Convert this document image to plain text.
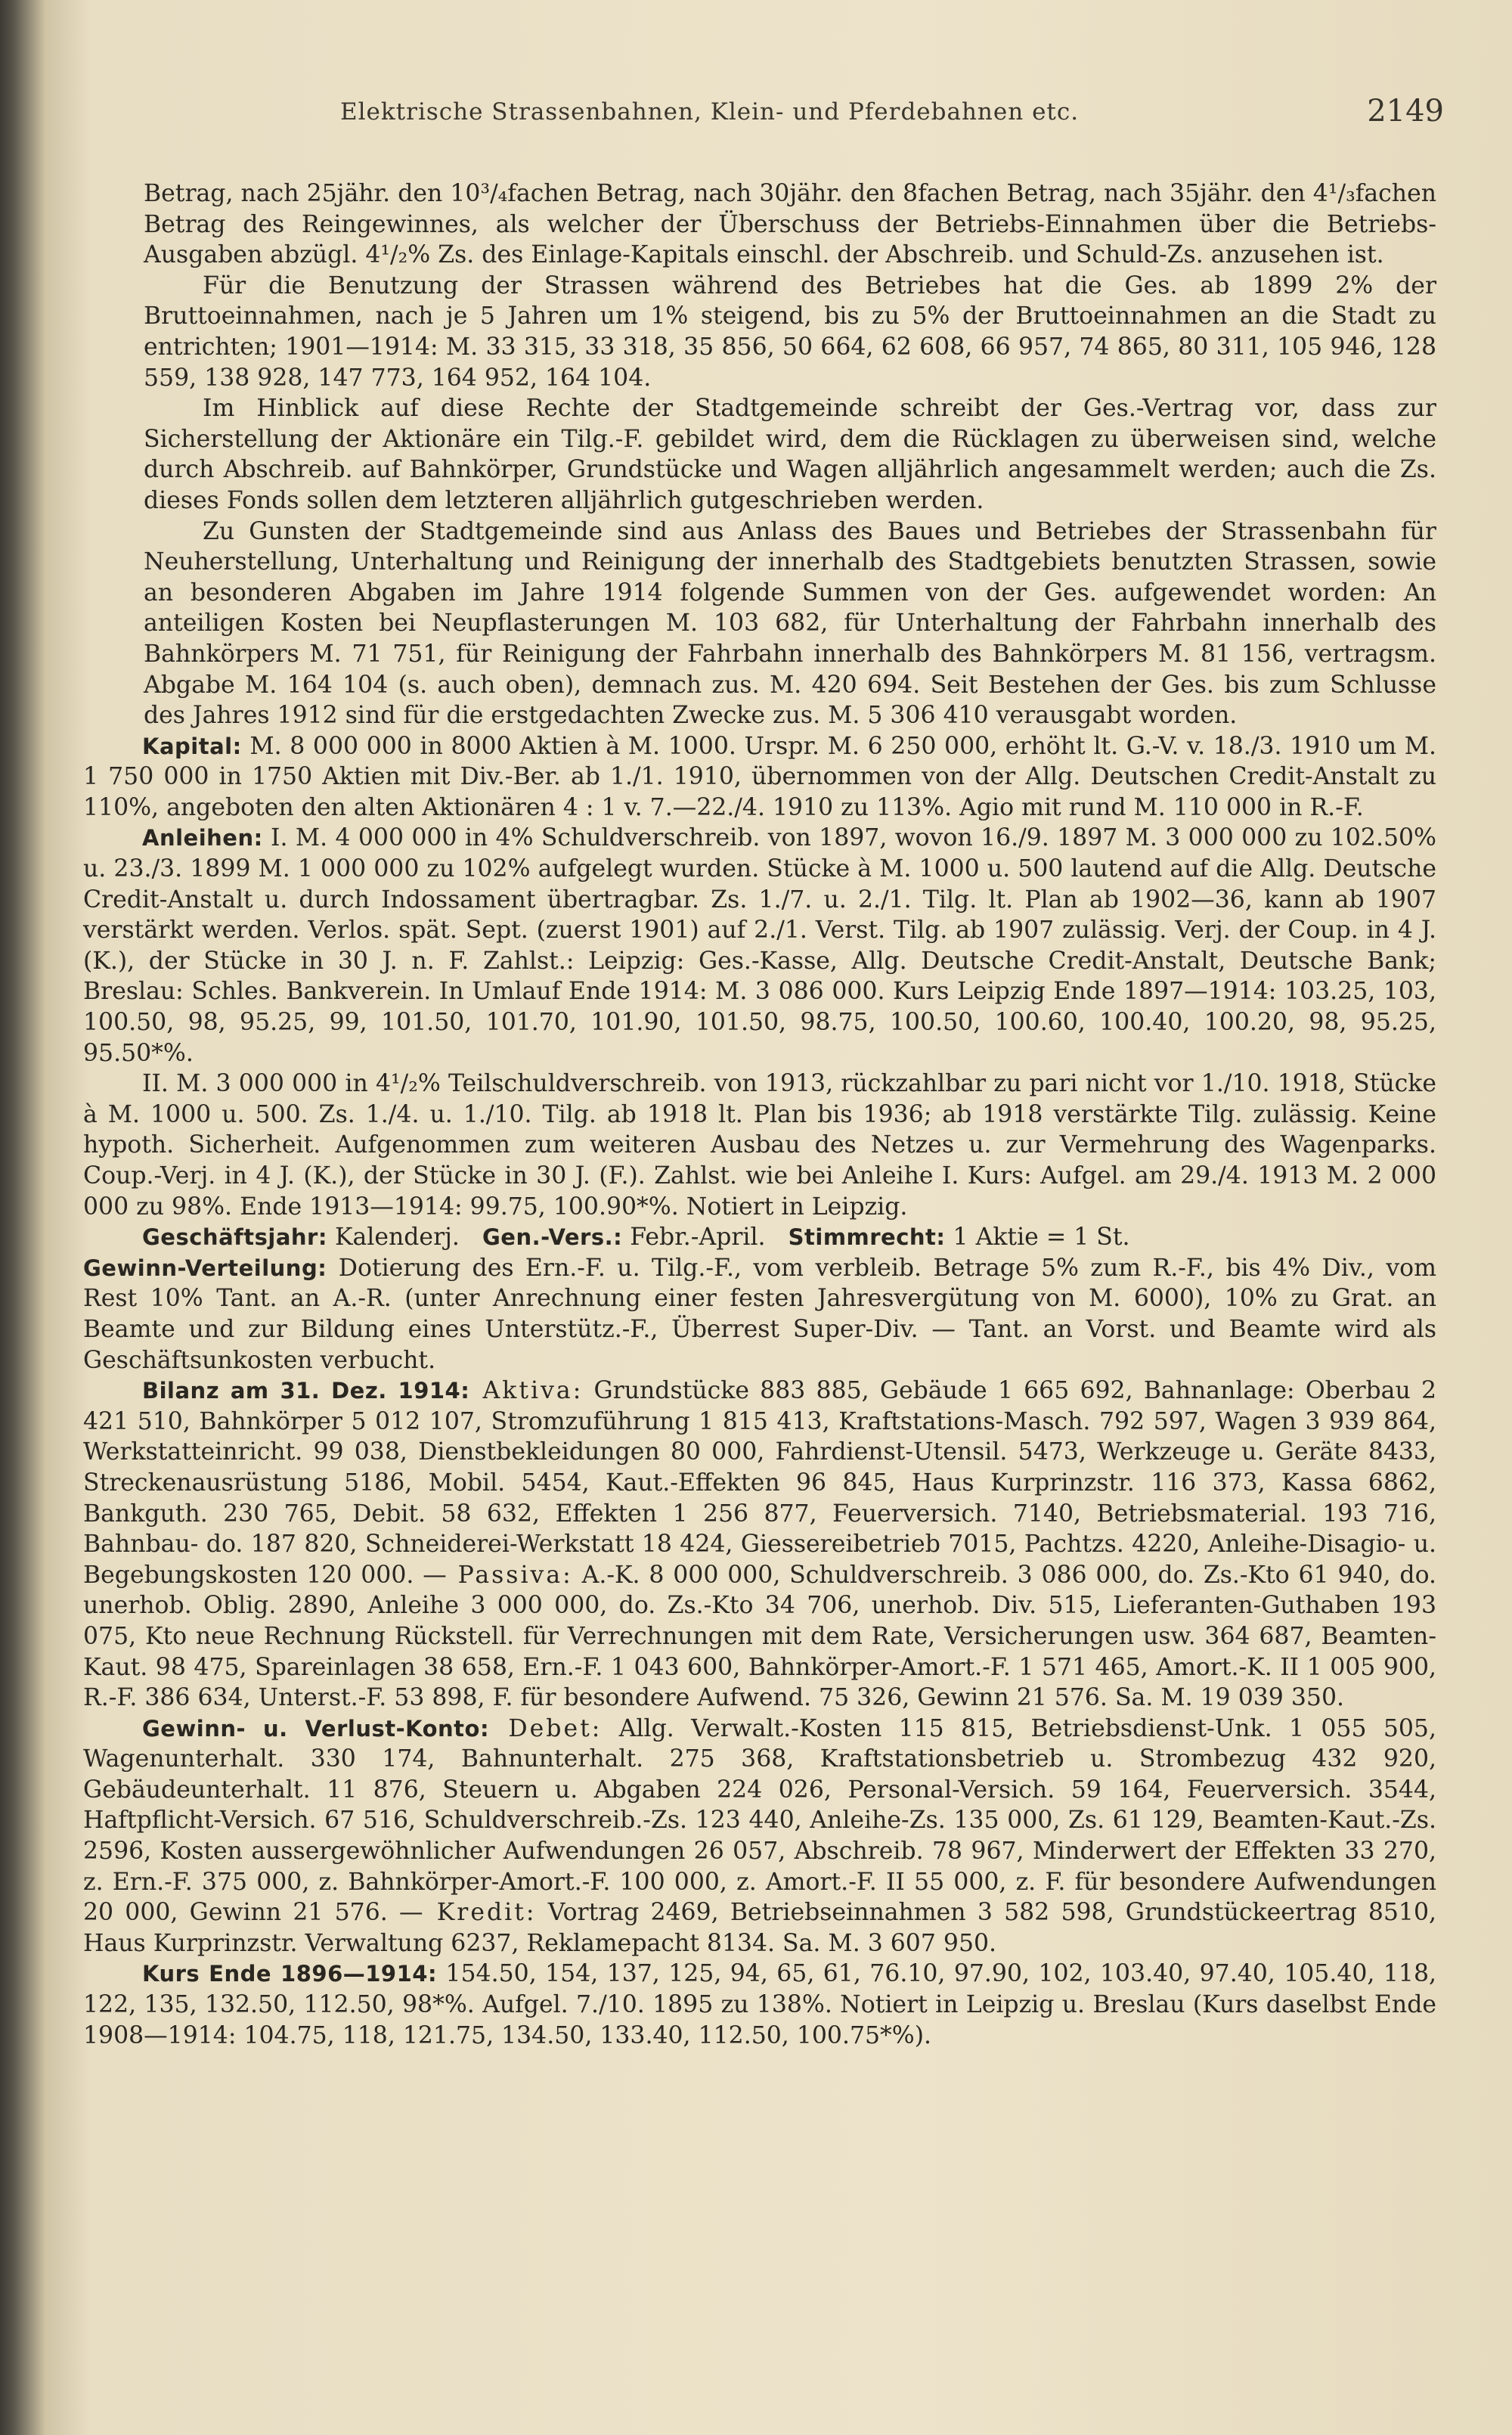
Elektrische Strassenbahnen, Klein- und Pferdebahnen etc.	2149

Betrag, nach 25jähr. den 10³/₄fachen Betrag, nach 30jähr. den 8fachen Betrag, nach 35jähr. den 4¹/₃fachen Betrag des Reingewinnes, als welcher der Überschuss der Betriebs-Einnahmen über die Betriebs-Ausgaben abzügl. 4¹/₂% Zs. des Einlage-Kapitals einschl. der Abschreib. und Schuld-Zs. anzusehen ist.

Für die Benutzung der Strassen während des Betriebes hat die Ges. ab 1899 2% der Bruttoeinnahmen, nach je 5 Jahren um 1% steigend, bis zu 5% der Bruttoeinnahmen an die Stadt zu entrichten; 1901—1914: M. 33 315, 33 318, 35 856, 50 664, 62 608, 66 957, 74 865, 80 311, 105 946, 128 559, 138 928, 147 773, 164 952, 164 104.

Im Hinblick auf diese Rechte der Stadtgemeinde schreibt der Ges.-Vertrag vor, dass zur Sicherstellung der Aktionäre ein Tilg.-F. gebildet wird, dem die Rücklagen zu überweisen sind, welche durch Abschreib. auf Bahnkörper, Grundstücke und Wagen alljährlich angesammelt werden; auch die Zs. dieses Fonds sollen dem letzteren alljährlich gutgeschrieben werden.

Zu Gunsten der Stadtgemeinde sind aus Anlass des Baues und Betriebes der Strassenbahn für Neuherstellung, Unterhaltung und Reinigung der innerhalb des Stadtgebiets benutzten Strassen, sowie an besonderen Abgaben im Jahre 1914 folgende Summen von der Ges. aufgewendet worden: An anteiligen Kosten bei Neupflasterungen M. 103 682, für Unterhaltung der Fahrbahn innerhalb des Bahnkörpers M. 71 751, für Reinigung der Fahrbahn innerhalb des Bahnkörpers M. 81 156, vertragsm. Abgabe M. 164 104 (s. auch oben), demnach zus. M. 420 694. Seit Bestehen der Ges. bis zum Schlusse des Jahres 1912 sind für die erstgedachten Zwecke zus. M. 5 306 410 verausgabt worden.

Kapital: M. 8 000 000 in 8000 Aktien à M. 1000. Urspr. M. 6 250 000, erhöht lt. G.-V. v. 18./3. 1910 um M. 1 750 000 in 1750 Aktien mit Div.-Ber. ab 1./1. 1910, übernommen von der Allg. Deutschen Credit-Anstalt zu 110%, angeboten den alten Aktionären 4 : 1 v. 7.—22./4. 1910 zu 113%. Agio mit rund M. 110 000 in R.-F.

Anleihen: I. M. 4 000 000 in 4% Schuldverschreib. von 1897, wovon 16./9. 1897 M. 3 000 000 zu 102.50% u. 23./3. 1899 M. 1 000 000 zu 102% aufgelegt wurden. Stücke à M. 1000 u. 500 lautend auf die Allg. Deutsche Credit-Anstalt u. durch Indossament übertragbar. Zs. 1./7. u. 2./1. Tilg. lt. Plan ab 1902—36, kann ab 1907 verstärkt werden. Verlos. spät. Sept. (zuerst 1901) auf 2./1. Verst. Tilg. ab 1907 zulässig. Verj. der Coup. in 4 J. (K.), der Stücke in 30 J. n. F. Zahlst.: Leipzig: Ges.-Kasse, Allg. Deutsche Credit-Anstalt, Deutsche Bank; Breslau: Schles. Bankverein. In Umlauf Ende 1914: M. 3 086 000. Kurs Leipzig Ende 1897—1914: 103.25, 103, 100.50, 98, 95.25, 99, 101.50, 101.70, 101.90, 101.50, 98.75, 100.50, 100.60, 100.40, 100.20, 98, 95.25, 95.50*%.

II. M. 3 000 000 in 4¹/₂% Teilschuldverschreib. von 1913, rückzahlbar zu pari nicht vor 1./10. 1918, Stücke à M. 1000 u. 500. Zs. 1./4. u. 1./10. Tilg. ab 1918 lt. Plan bis 1936; ab 1918 verstärkte Tilg. zulässig. Keine hypoth. Sicherheit. Aufgenommen zum weiteren Ausbau des Netzes u. zur Vermehrung des Wagenparks. Coup.-Verj. in 4 J. (K.), der Stücke in 30 J. (F.). Zahlst. wie bei Anleihe I. Kurs: Aufgel. am 29./4. 1913 M. 2 000 000 zu 98%. Ende 1913—1914: 99.75, 100.90*%. Notiert in Leipzig.

Geschäftsjahr: Kalenderj. Gen.-Vers.: Febr.-April. Stimmrecht: 1 Aktie = 1 St.

Gewinn-Verteilung: Dotierung des Ern.-F. u. Tilg.-F., vom verbleib. Betrage 5% zum R.-F., bis 4% Div., vom Rest 10% Tant. an A.-R. (unter Anrechnung einer festen Jahresvergütung von M. 6000), 10% zu Grat. an Beamte und zur Bildung eines Unterstütz.-F., Überrest Super-Div. — Tant. an Vorst. und Beamte wird als Geschäftsunkosten verbucht.

Bilanz am 31. Dez. 1914: Aktiva: Grundstücke 883 885, Gebäude 1 665 692, Bahnanlage: Oberbau 2 421 510, Bahnkörper 5 012 107, Stromzuführung 1 815 413, Kraftstations-Masch. 792 597, Wagen 3 939 864, Werkstatteinricht. 99 038, Dienstbekleidungen 80 000, Fahrdienst-Utensil. 5473, Werkzeuge u. Geräte 8433, Streckenausrüstung 5186, Mobil. 5454, Kaut.-Effekten 96 845, Haus Kurprinzstr. 116 373, Kassa 6862, Bankguth. 230 765, Debit. 58 632, Effekten 1 256 877, Feuerversich. 7140, Betriebsmaterial. 193 716, Bahnbau- do. 187 820, Schneiderei-Werkstatt 18 424, Giessereibetrieb 7015, Pachtzs. 4220, Anleihe-Disagio- u. Begebungskosten 120 000. — Passiva: A.-K. 8 000 000, Schuldverschreib. 3 086 000, do. Zs.-Kto 61 940, do. unerhob. Oblig. 2890, Anleihe 3 000 000, do. Zs.-Kto 34 706, unerhob. Div. 515, Lieferanten-Guthaben 193 075, Kto neue Rechnung Rückstell. für Verrechnungen mit dem Rate, Versicherungen usw. 364 687, Beamten-Kaut. 98 475, Spareinlagen 38 658, Ern.-F. 1 043 600, Bahnkörper-Amort.-F. 1 571 465, Amort.-K. II 1 005 900, R.-F. 386 634, Unterst.-F. 53 898, F. für besondere Aufwend. 75 326, Gewinn 21 576. Sa. M. 19 039 350.

Gewinn- u. Verlust-Konto: Debet: Allg. Verwalt.-Kosten 115 815, Betriebsdienst-Unk. 1 055 505, Wagenunterhalt. 330 174, Bahnunterhalt. 275 368, Kraftstationsbetrieb u. Strombezug 432 920, Gebäudeunterhalt. 11 876, Steuern u. Abgaben 224 026, Personal-Versich. 59 164, Feuerversich. 3544, Haftpflicht-Versich. 67 516, Schuldverschreib.-Zs. 123 440, Anleihe-Zs. 135 000, Zs. 61 129, Beamten-Kaut.-Zs. 2596, Kosten aussergewöhnlicher Aufwendungen 26 057, Abschreib. 78 967, Minderwert der Effekten 33 270, z. Ern.-F. 375 000, z. Bahnkörper-Amort.-F. 100 000, z. Amort.-F. II 55 000, z. F. für besondere Aufwendungen 20 000, Gewinn 21 576. — Kredit: Vortrag 2469, Betriebseinnahmen 3 582 598, Grundstückeertrag 8510, Haus Kurprinzstr. Verwaltung 6237, Reklamepacht 8134. Sa. M. 3 607 950.

Kurs Ende 1896—1914: 154.50, 154, 137, 125, 94, 65, 61, 76.10, 97.90, 102, 103.40, 97.40, 105.40, 118, 122, 135, 132.50, 112.50, 98*%. Aufgel. 7./10. 1895 zu 138%. Notiert in Leipzig u. Breslau (Kurs daselbst Ende 1908—1914: 104.75, 118, 121.75, 134.50, 133.40, 112.50, 100.75*%).
